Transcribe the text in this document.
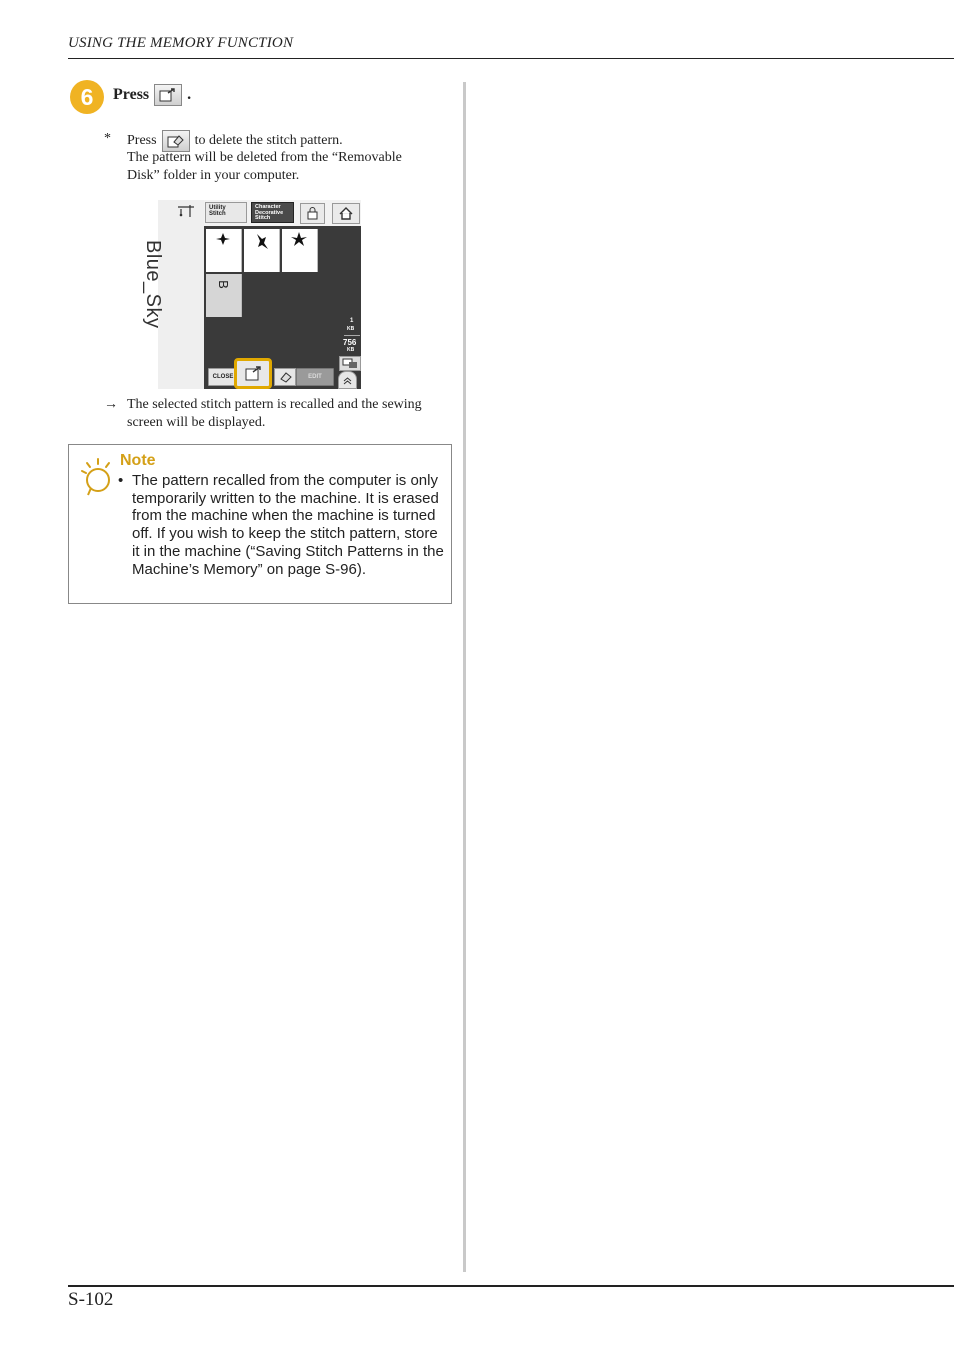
USING THE MEMORY FUNCTION
6	Press .
* Press	to delete the stitch pattern.
The pattern will be deleted from the “Removable
Disk” folder in your computer.
Blue_Sky
Utility
Stitch
Character
Decorative
Stitch
B
1
KB
756
KB
CLOSE	EDIT
→ The selected stitch pattern is recalled and the sewing
screen will be displayed.
Note
• The pattern recalled from the computer is only temporarily written to the machine. It is erased from the machine when the machine is turned off. If you wish to keep the stitch pattern, store it in the machine (“Saving Stitch Patterns in the Machine’s Memory” on page S-96).
S-102
